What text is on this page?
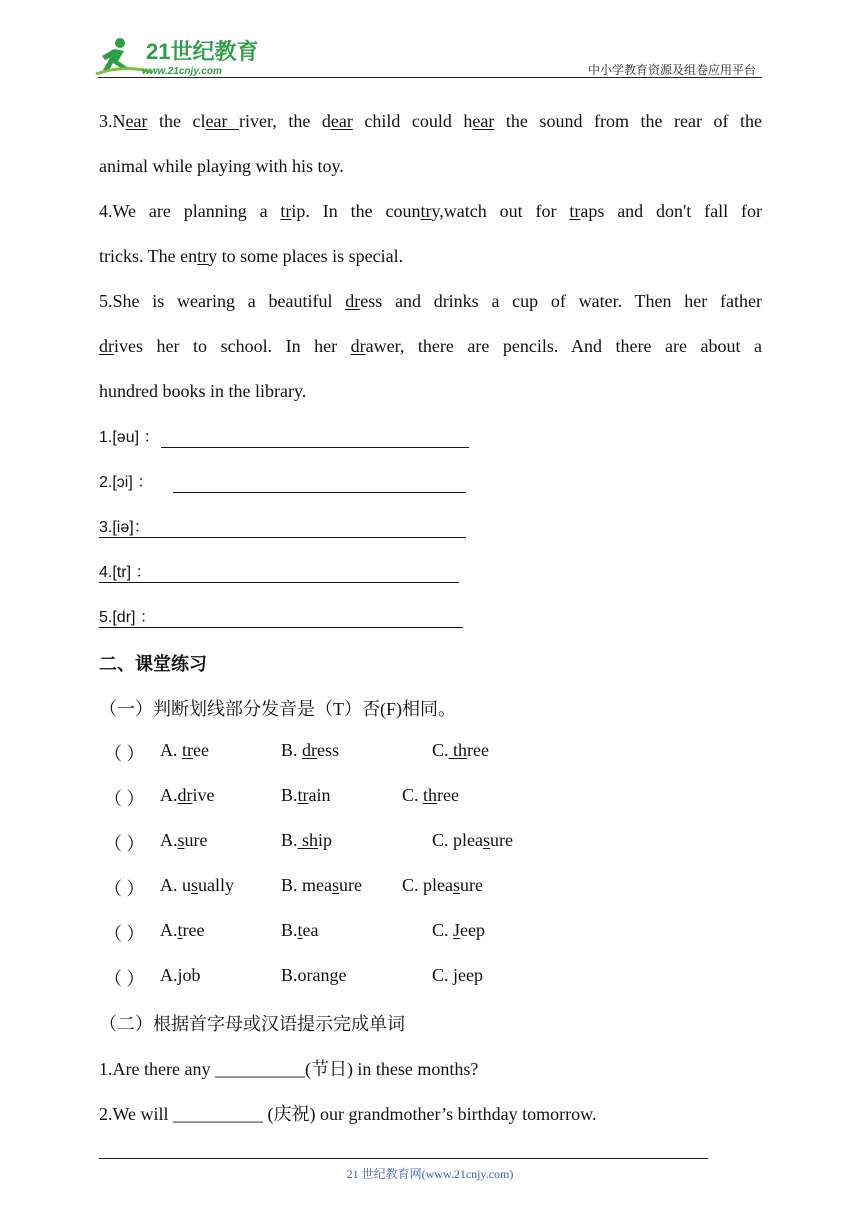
21世纪教育
www.21cnjy.com	中小学教育资源及组卷应用平台

3.Near the clear river, the dear child could hear the sound from the rear of the
animal while playing with his toy.

4.We are planning a trip. In the country,watch out for traps and don't fall for
tricks. The entry to some places is special.

5.She is wearing a beautiful dress and drinks a cup of water. Then her father
drives her to school. In her drawer, there are pencils. And there are about a
hundred books in the library.

1.[əu] ：
2.[ɔi] ：
3.[iə]：
4.[tr] ：
5.[dr] ：
二、课堂练习
（一）判断划线部分发音是（T）否(F)相同。
（ ） A. tree	B. dress	C. three
（ ） A.drive	B.train	C. three
（ ） A.sure	B. ship	C. pleasure
（ ） A. usually	B. measure C. pleasure
（ ） A.tree	B.tea	C. Jeep
（ ） A.job	B.orange	C. jeep
（二）根据首字母或汉语提示完成单词
1.Are there any __________(节日) in these months?
2.We will __________ (庆祝) our grandmother’s birthday tomorrow.
21 世纪教育网(www.21cnjy.com)
